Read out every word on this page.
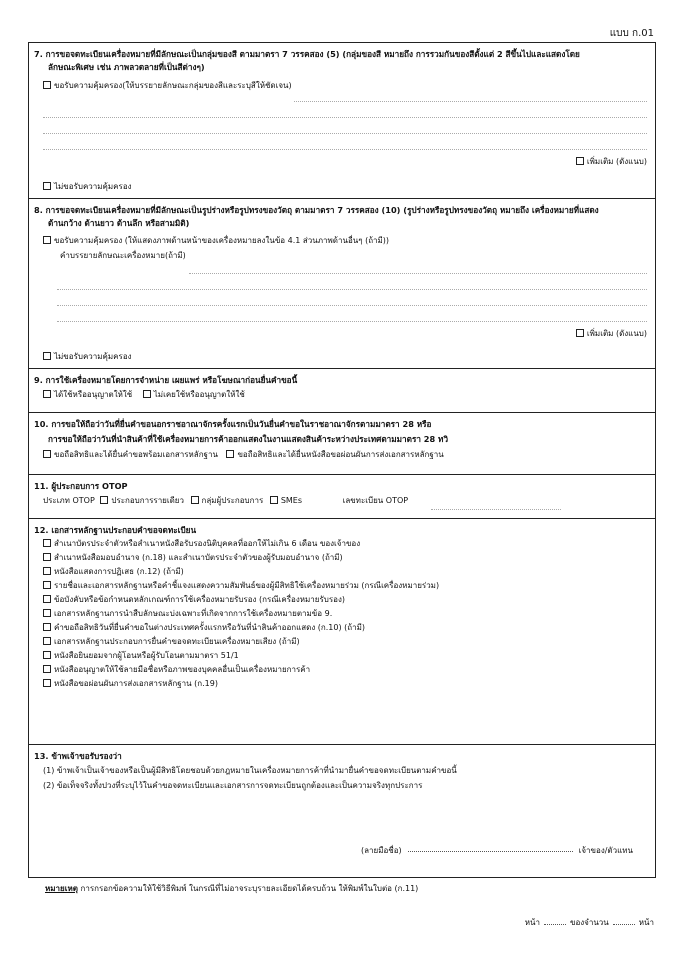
แบบ ก.01
7. การขอจดทะเบียนเครื่องหมายที่มีลักษณะเป็นกลุ่มของสี ตามมาตรา 7 วรรคสอง (5) (กลุ่มของสี หมายถึง การรวมกันของสีตั้งแต่ 2 สีขึ้นไปและแสดงโดย
ลักษณะพิเศษ เช่น ภาพลวดลายที่เป็นสีต่างๆ)
ขอรับความคุ้มครอง(ให้บรรยายลักษณะกลุ่มของสีและระบุสีให้ชัดเจน)
เพิ่มเติม (ดังแนบ)
ไม่ขอรับความคุ้มครอง
8. การขอจดทะเบียนเครื่องหมายที่มีลักษณะเป็นรูปร่างหรือรูปทรงของวัตถุ ตามมาตรา 7 วรรคสอง (10) (รูปร่างหรือรูปทรงของวัตถุ หมายถึง เครื่องหมายที่แสดง
ด้านกว้าง ด้านยาว ด้านลึก หรือสามมิติ)
ขอรับความคุ้มครอง (ให้แสดงภาพด้านหน้าของเครื่องหมายลงในข้อ 4.1 ส่วนภาพด้านอื่นๆ (ถ้ามี))
คำบรรยายลักษณะเครื่องหมาย(ถ้ามี)
เพิ่มเติม (ดังแนบ)
ไม่ขอรับความคุ้มครอง
9. การใช้เครื่องหมายโดยการจำหน่าย เผยแพร่ หรือโฆษณาก่อนยื่นคำขอนี้
ได้ใช้หรืออนุญาตให้ใช้	ไม่เคยใช้หรืออนุญาตให้ใช้
10. การขอให้ถือว่าวันที่ยื่นคำขอนอกราชอาณาจักรครั้งแรกเป็นวันยื่นคำขอในราชอาณาจักรตามมาตรา 28 หรือ
การขอให้ถือว่าวันที่นำสินค้าที่ใช้เครื่องหมายการค้าออกแสดงในงานแสดงสินค้าระหว่างประเทศตามมาตรา 28 ทวิ
ขอถือสิทธิและได้ยื่นคำขอพร้อมเอกสารหลักฐาน ขอถือสิทธิและได้ยื่นหนังสือขอผ่อนผันการส่งเอกสารหลักฐาน
11. ผู้ประกอบการ OTOP
ประเภท OTOP ประกอบการรายเดียว กลุ่มผู้ประกอบการ SMEs	เลขทะเบียน OTOP
12. เอกสารหลักฐานประกอบคำขอจดทะเบียน
สำเนาบัตรประจำตัวหรือสำเนาหนังสือรับรองนิติบุคคลที่ออกให้ไม่เกิน 6 เดือน ของเจ้าของ
สำเนาหนังสือมอบอำนาจ (ก.18) และสำเนาบัตรประจำตัวของผู้รับมอบอำนาจ (ถ้ามี)
หนังสือแสดงการปฏิเสธ (ก.12) (ถ้ามี)
รายชื่อและเอกสารหลักฐานหรือคำชี้แจงแสดงความสัมพันธ์ของผู้มีสิทธิใช้เครื่องหมายร่วม (กรณีเครื่องหมายร่วม)
ข้อบังคับหรือข้อกำหนดหลักเกณฑ์การใช้เครื่องหมายรับรอง (กรณีเครื่องหมายรับรอง)
เอกสารหลักฐานการนำสืบลักษณะบ่งเฉพาะที่เกิดจากการใช้เครื่องหมายตามข้อ 9.
คำขอถือสิทธิวันที่ยื่นคำขอในต่างประเทศครั้งแรกหรือวันที่นำสินค้าออกแสดง (ก.10) (ถ้ามี)
เอกสารหลักฐานประกอบการยื่นคำขอจดทะเบียนเครื่องหมายเสียง (ถ้ามี)
หนังสือยินยอมจากผู้โอนหรือผู้รับโอนตามมาตรา 51/1
หนังสืออนุญาตให้ใช้ลายมือชื่อหรือภาพของบุคคลอื่นเป็นเครื่องหมายการค้า
หนังสือขอผ่อนผันการส่งเอกสารหลักฐาน (ก.19)
13. ข้าพเจ้าขอรับรองว่า
(1) ข้าพเจ้าเป็นเจ้าของหรือเป็นผู้มีสิทธิโดยชอบด้วยกฎหมายในเครื่องหมายการค้าที่นำมายื่นคำขอจดทะเบียนตามคำขอนี้
(2) ข้อเท็จจริงทั้งปวงที่ระบุไว้ในคำขอจดทะเบียนและเอกสารการจดทะเบียนถูกต้องและเป็นความจริงทุกประการ
(ลายมือชื่อ)	เจ้าของ/ตัวแทน
หมายเหตุ การกรอกข้อความให้ใช้วิธีพิมพ์ ในกรณีที่ไม่อาจระบุรายละเอียดได้ครบถ้วน ให้พิมพ์ในใบต่อ (ก.11)
หน้า	ของจำนวน	หน้า
